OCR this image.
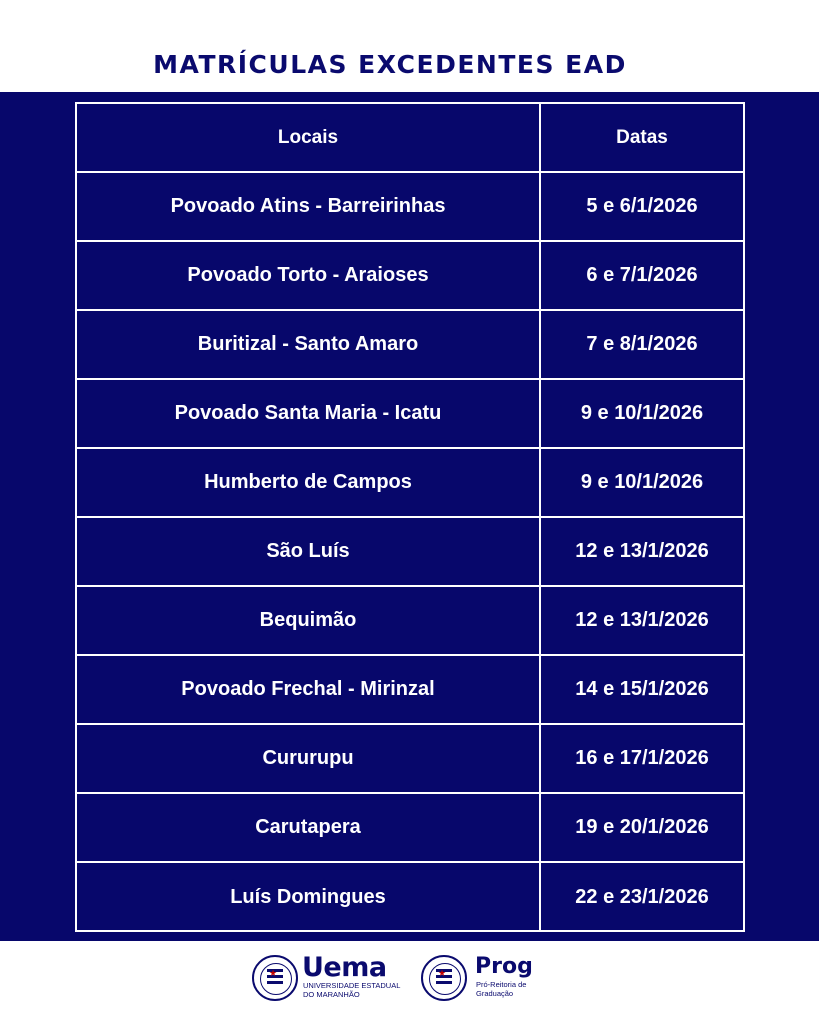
MATRÍCULAS EXCEDENTES EAD
Locais	Datas
Povoado Atins - Barreirinhas	5 e 6/1/2026
Povoado Torto - Araioses	6 e 7/1/2026
Buritizal - Santo Amaro	7 e 8/1/2026
Povoado Santa Maria - Icatu	9 e 10/1/2026
Humberto de Campos	9 e 10/1/2026
São Luís	12 e 13/1/2026
Bequimão	12 e 13/1/2026
Povoado Frechal - Mirinzal	14 e 15/1/2026
Cururupu	16 e 17/1/2026
Carutapera	19 e 20/1/2026
Luís Domingues	22 e 23/1/2026
★ Uema
UNIVERSIDADE ESTADUAL DO MARANHÃO
★ Prog
Pró-Reitoria de Graduação
